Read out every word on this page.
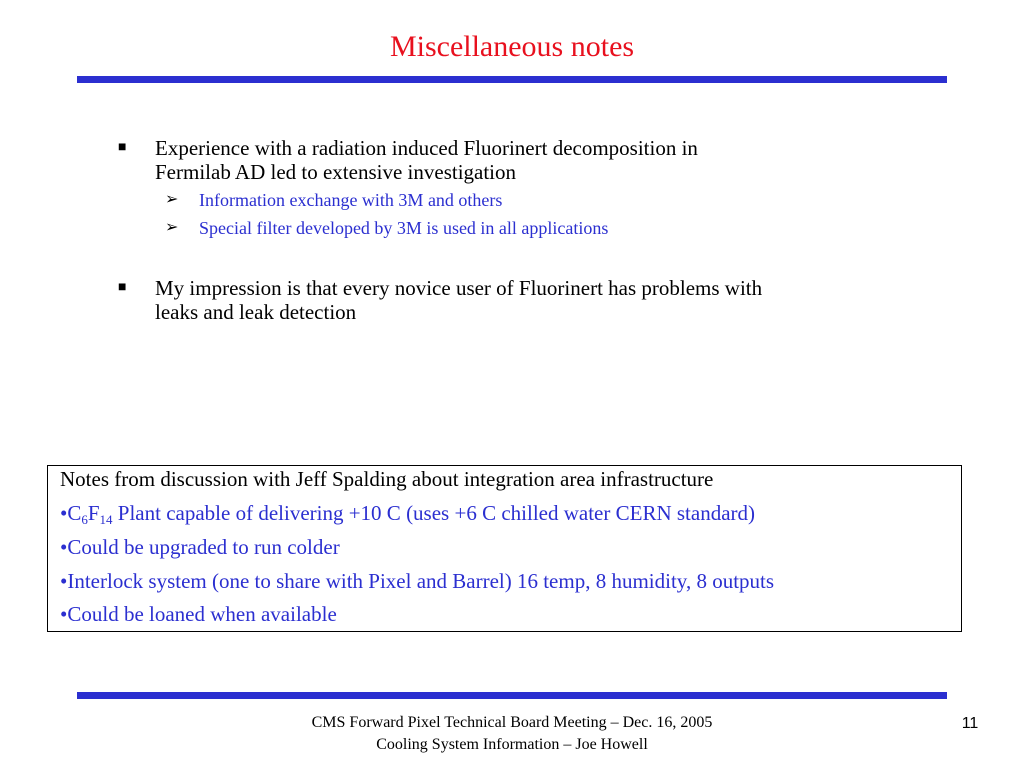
Miscellaneous notes
■ Experience with a radiation induced Fluorinert decomposition in
Fermilab AD led to extensive investigation
➢ Information exchange with 3M and others
➢ Special filter developed by 3M is used in all applications
■ My impression is that every novice user of Fluorinert has problems with
leaks and leak detection
Notes from discussion with Jeff Spalding about integration area infrastructure
$•C_6F_{14}$ Plant capable of delivering +10 C (uses +6 C chilled water CERN standard)
•Could be upgraded to run colder
•Interlock system (one to share with Pixel and Barrel) 16 temp, 8 humidity, 8 outputs
•Could be loaned when available
CMS Forward Pixel Technical Board Meeting – Dec. 16, 2005
Cooling System Information – Joe Howell
11
